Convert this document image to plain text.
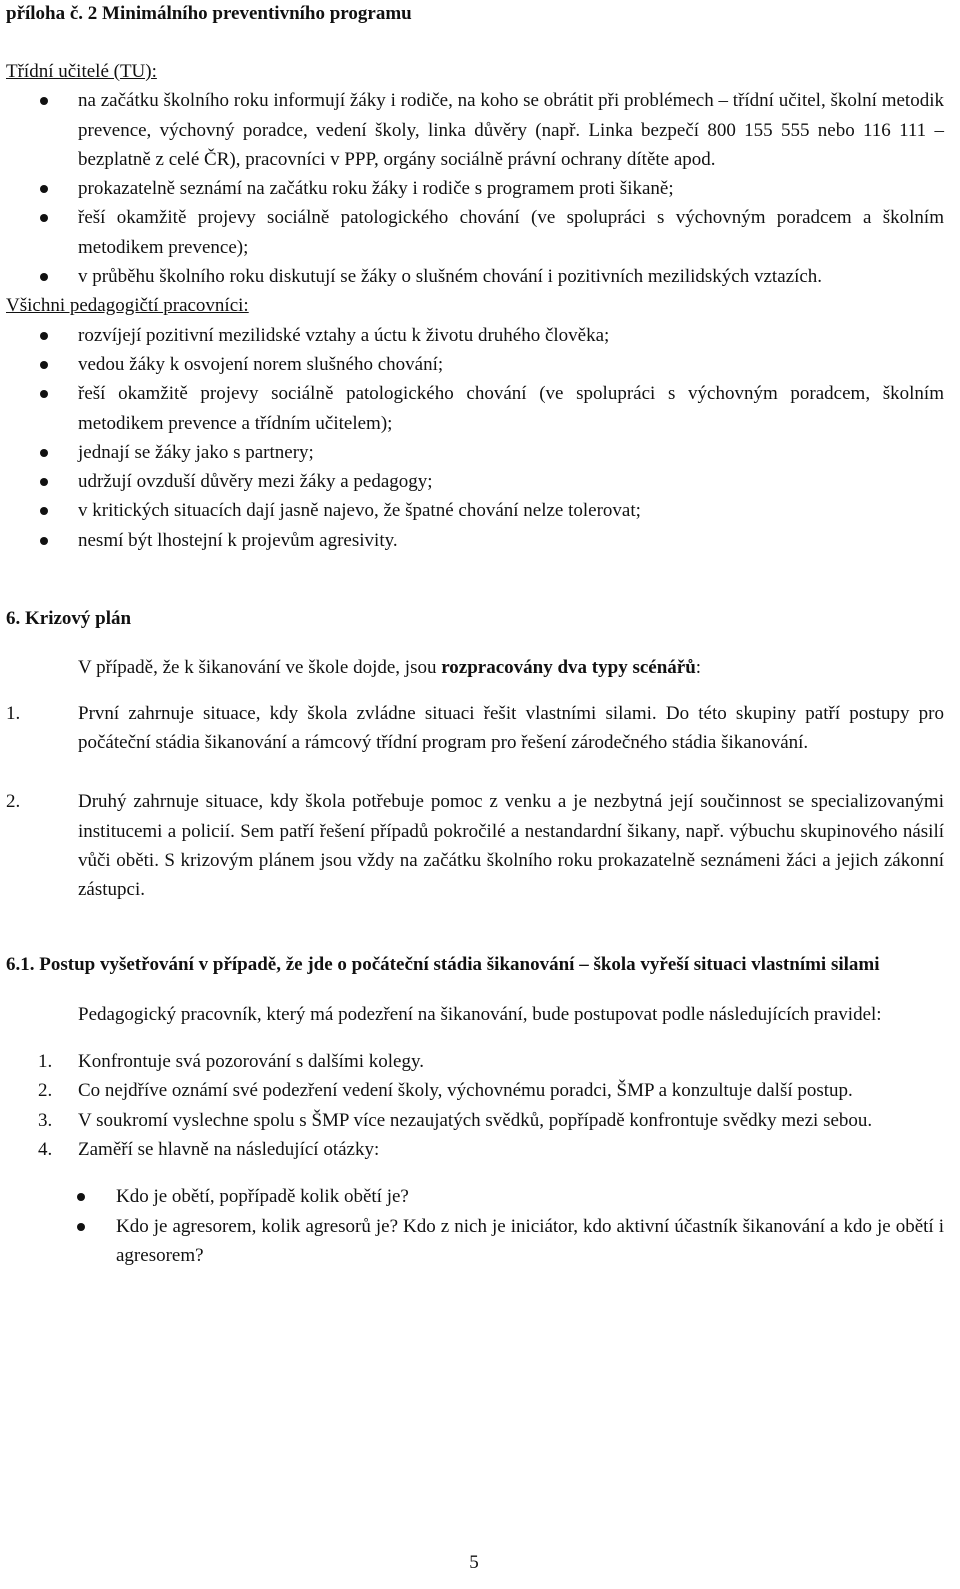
příloha č. 2 Minimálního preventivního programu

Třídní učitelé (TU):

na začátku školního roku informují žáky i rodiče, na koho se obrátit při problémech – třídní učitel, školní metodik prevence, výchovný poradce, vedení školy, linka důvěry (např. Linka bezpečí 800 155 555 nebo 116 111 – bezplatně z celé ČR), pracovníci v PPP, orgány sociálně právní ochrany dítěte apod.
prokazatelně seznámí na začátku roku žáky i rodiče s programem proti šikaně;
řeší okamžitě projevy sociálně patologického chování (ve spolupráci s výchovným poradcem a školním metodikem prevence);
v průběhu školního roku diskutují se žáky o slušném chování i pozitivních mezilidských vztazích.

Všichni pedagogičtí pracovníci:

rozvíjejí pozitivní mezilidské vztahy a úctu k životu druhého člověka;
vedou žáky k osvojení norem slušného chování;
řeší okamžitě projevy sociálně patologického chování (ve spolupráci s výchovným poradcem, školním metodikem prevence a třídním učitelem);
jednají se žáky jako s partnery;
udržují ovzduší důvěry mezi žáky a pedagogy;
v kritických situacích dají jasně najevo, že špatné chování nelze tolerovat;
nesmí být lhostejní k projevům agresivity.

6. Krizový plán

V případě, že k šikanování ve škole dojde, jsou rozpracovány dva typy scénářů:

1.	První zahrnuje situace, kdy škola zvládne situaci řešit vlastními silami. Do této skupiny patří postupy pro počáteční stádia šikanování a rámcový třídní program pro řešení zárodečného stádia šikanování.
2.	Druhý zahrnuje situace, kdy škola potřebuje pomoc z venku a je nezbytná její součinnost se specializovanými institucemi a policií. Sem patří řešení případů pokročilé a nestandardní šikany, např. výbuchu skupinového násilí vůči oběti. S krizovým plánem jsou vždy na začátku školního roku prokazatelně seznámeni žáci a jejich zákonní zástupci.

6.1. Postup vyšetřování v případě, že jde o počáteční stádia šikanování – škola vyřeší situaci vlastními silami

Pedagogický pracovník, který má podezření na šikanování, bude postupovat podle následujících pravidel:

1. Konfrontuje svá pozorování s dalšími kolegy.
2. Co nejdříve oznámí své podezření vedení školy, výchovnému poradci, ŠMP a konzultuje další postup.
3. V soukromí vyslechne spolu s ŠMP více nezaujatých svědků, popřípadě konfrontuje svědky mezi sebou.
4. Zaměří se hlavně na následující otázky:
Kdo je obětí, popřípadě kolik obětí je?
Kdo je agresorem, kolik agresorů je? Kdo z nich je iniciátor, kdo aktivní účastník šikanování a kdo je obětí i agresorem?
5
